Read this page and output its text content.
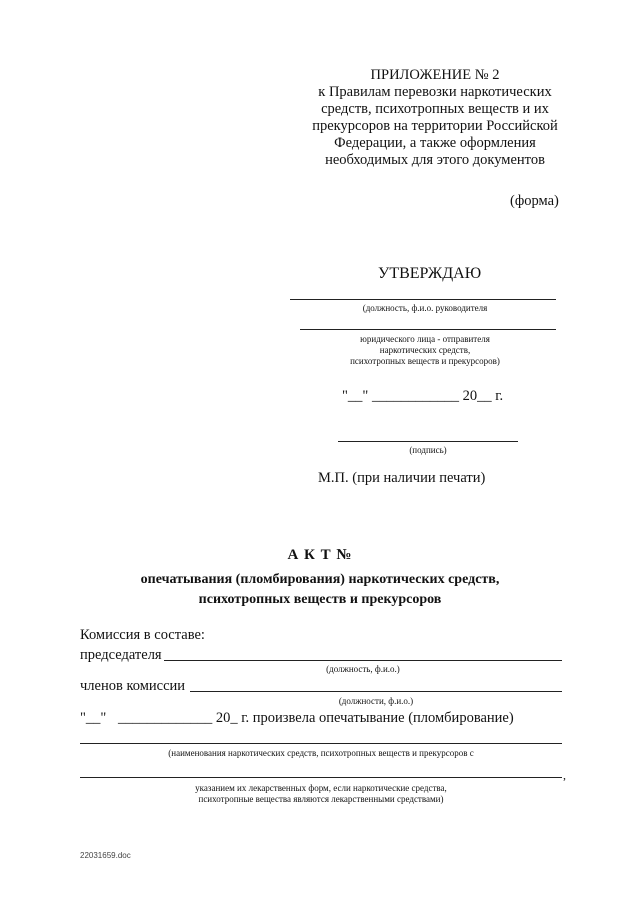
ПРИЛОЖЕНИЕ № 2
к Правилам перевозки наркотических
средств, психотропных веществ и их
прекурсоров на территории Российской
Федерации, а также оформления
необходимых для этого документов
(форма)
УТВЕРЖДАЮ
(должность, ф.и.о. руководителя
юридического лица - отправителя
наркотических средств,
психотропных веществ и прекурсоров)
"__" ____________ 20__ г.
(подпись)
М.П. (при наличии печати)
А К Т №
опечатывания (пломбирования) наркотических средств,
психотропных веществ и прекурсоров
Комиссия в составе:
председателя
(должность, ф.и.о.)
членов комиссии
(должности, ф.и.о.)
"__" _____________ 20_ г. произвела опечатывание (пломбирование)
(наименования наркотических средств, психотропных веществ и прекурсоров с
,
указанием их лекарственных форм, если наркотические средства,
психотропные вещества являются лекарственными средствами)
22031659.doc
